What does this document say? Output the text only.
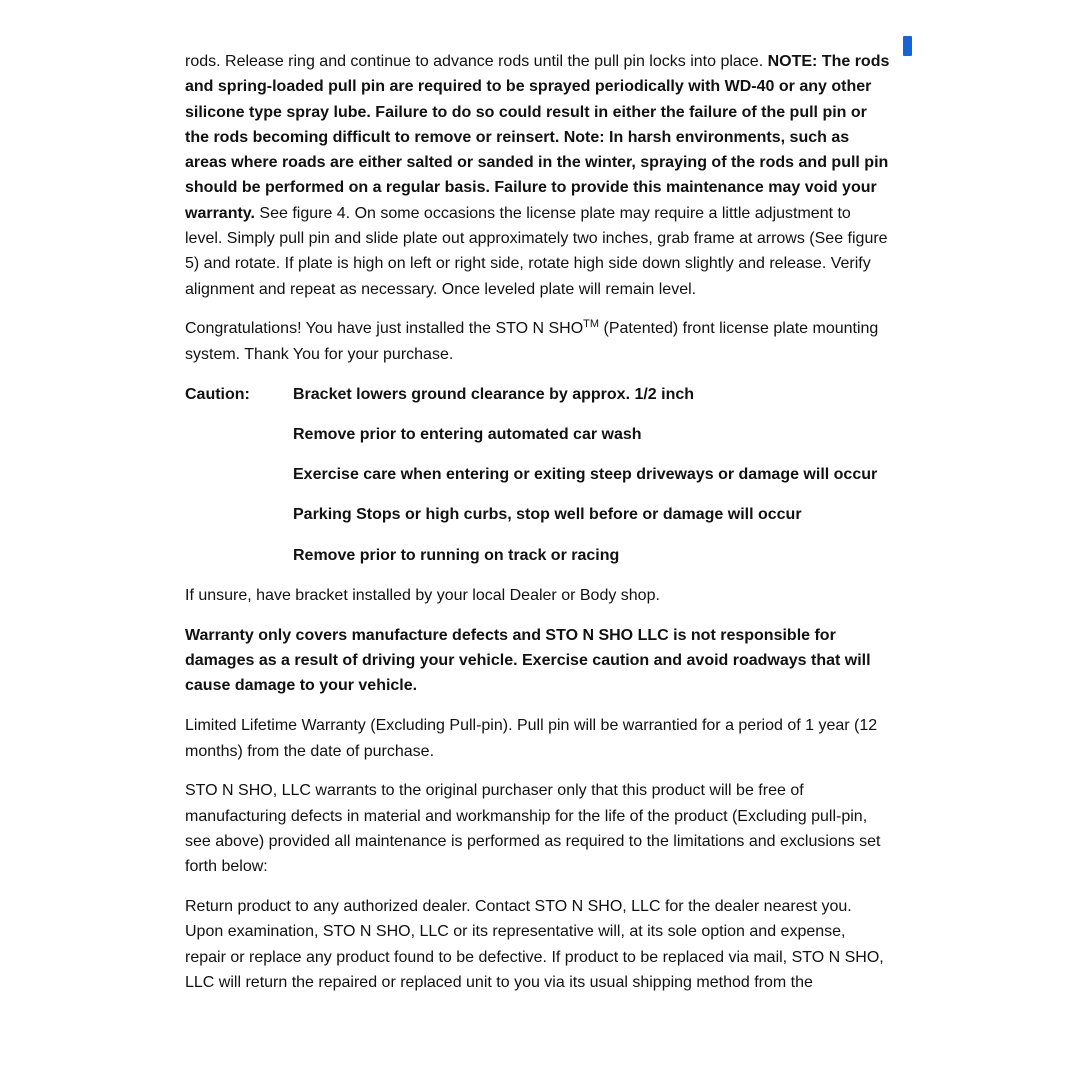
rods. Release ring and continue to advance rods until the pull pin locks into place. NOTE: The rods and spring-loaded pull pin are required to be sprayed periodically with WD-40 or any other silicone type spray lube. Failure to do so could result in either the failure of the pull pin or the rods becoming difficult to remove or reinsert. Note: In harsh environments, such as areas where roads are either salted or sanded in the winter, spraying of the rods and pull pin should be performed on a regular basis. Failure to provide this maintenance may void your warranty. See figure 4. On some occasions the license plate may require a little adjustment to level. Simply pull pin and slide plate out approximately two inches, grab frame at arrows (See figure 5) and rotate. If plate is high on left or right side, rotate high side down slightly and release. Verify alignment and repeat as necessary. Once leveled plate will remain level.

Congratulations! You have just installed the STO N SHO™ (Patented) front license plate mounting system. Thank You for your purchase.

Caution:	Bracket lowers ground clearance by approx. 1/2 inch
Remove prior to entering automated car wash
Exercise care when entering or exiting steep driveways or damage will occur
Parking Stops or high curbs, stop well before or damage will occur
Remove prior to running on track or racing

If unsure, have bracket installed by your local Dealer or Body shop.

Warranty only covers manufacture defects and STO N SHO LLC is not responsible for damages as a result of driving your vehicle. Exercise caution and avoid roadways that will cause damage to your vehicle.

Limited Lifetime Warranty (Excluding Pull-pin). Pull pin will be warrantied for a period of 1 year (12 months) from the date of purchase.

STO N SHO, LLC warrants to the original purchaser only that this product will be free of manufacturing defects in material and workmanship for the life of the product (Excluding pull-pin, see above) provided all maintenance is performed as required to the limitations and exclusions set forth below:

Return product to any authorized dealer. Contact STO N SHO, LLC for the dealer nearest you. Upon examination, STO N SHO, LLC or its representative will, at its sole option and expense, repair or replace any product found to be defective. If product to be replaced via mail, STO N SHO, LLC will return the repaired or replaced unit to you via its usual shipping method from the
